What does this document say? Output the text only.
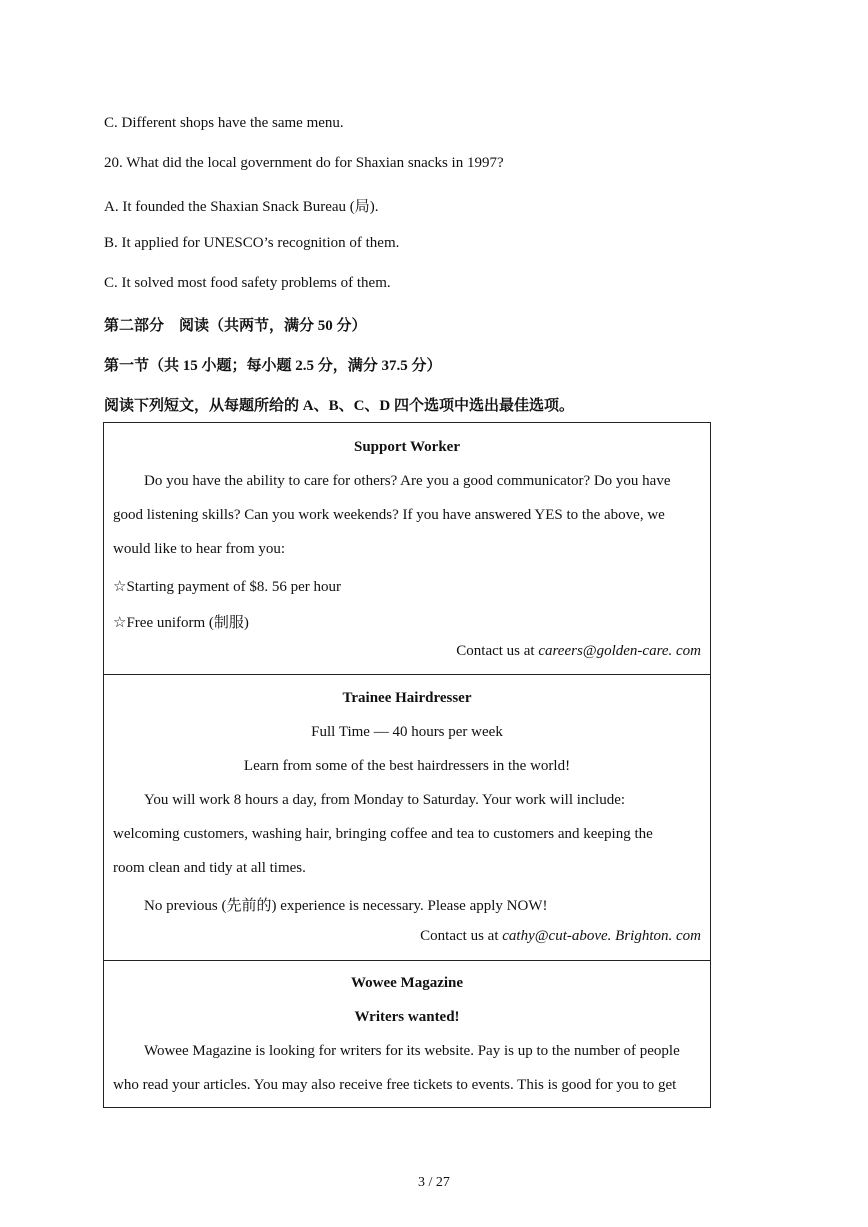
C. Different shops have the same menu.
20. What did the local government do for Shaxian snacks in 1997?
A. It founded the Shaxian Snack Bureau (局).
B. It applied for UNESCO’s recognition of them.
C. It solved most food safety problems of them.
第二部分　阅读（共两节，满分 50 分）
第一节（共 15 小题；每小题 2.5 分，满分 37.5 分）
阅读下列短文，从每题所给的 A、B、C、D 四个选项中选出最佳选项。
Support Worker
Do you have the ability to care for others? Are you a good communicator? Do you have
good listening skills? Can you work weekends? If you have answered YES to the above, we
would like to hear from you:
☆Starting payment of $8. 56 per hour
☆Free uniform (制服)
Contact us at careers@golden-care. com
Trainee Hairdresser
Full Time — 40 hours per week
Learn from some of the best hairdressers in the world!
You will work 8 hours a day, from Monday to Saturday. Your work will include:
welcoming customers, washing hair, bringing coffee and tea to customers and keeping the
room clean and tidy at all times.
No previous (先前的) experience is necessary. Please apply NOW!
Contact us at cathy@cut-above. Brighton. com
Wowee Magazine
Writers wanted!
Wowee Magazine is looking for writers for its website. Pay is up to the number of people
who read your articles. You may also receive free tickets to events. This is good for you to get
3 / 27
